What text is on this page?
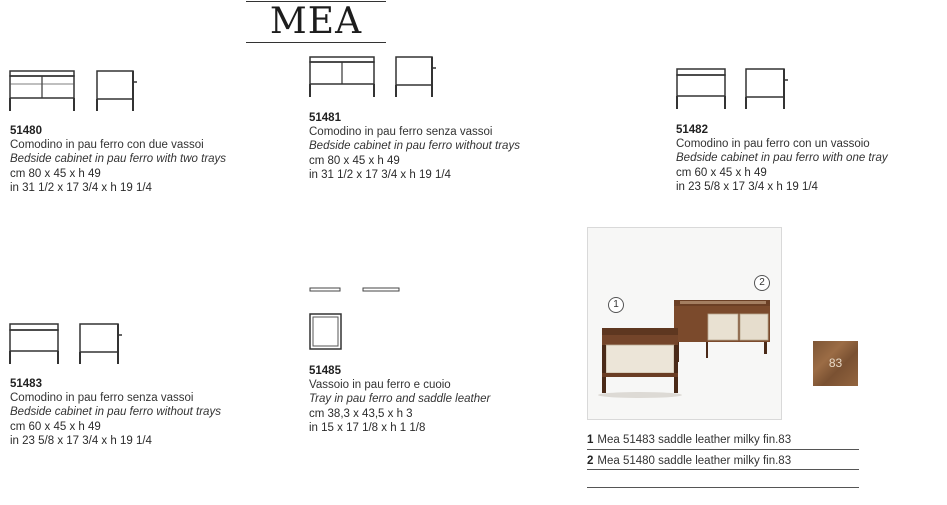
MEA
51480
Comodino in pau ferro con due vassoi
Bedside cabinet in pau ferro with two trays
cm 80 x 45 x h 49
in 31 1/2 x 17 3/4 x h 19 1/4
51481
Comodino in pau ferro senza vassoi
Bedside cabinet in pau ferro without trays
cm 80 x 45 x h 49
in 31 1/2 x 17 3/4 x h 19 1/4
51482
Comodino in pau ferro con un vassoio
Bedside cabinet in pau ferro with one tray
cm 60 x 45 x h 49
in 23 5/8 x 17 3/4 x h 19 1/4
51483
Comodino in pau ferro senza vassoi
Bedside cabinet in pau ferro without trays
cm 60 x 45 x h 49
in 23 5/8 x 17 3/4 x h 19 1/4
51485
Vassoio in pau ferro e cuoio
Tray in pau ferro and saddle leather
cm 38,3 x 43,5 x h 3
in 15 x 17 1/8 x h 1 1/8
1
2
83
1 Mea 51483 saddle leather milky fin.83
2 Mea 51480 saddle leather milky fin.83
